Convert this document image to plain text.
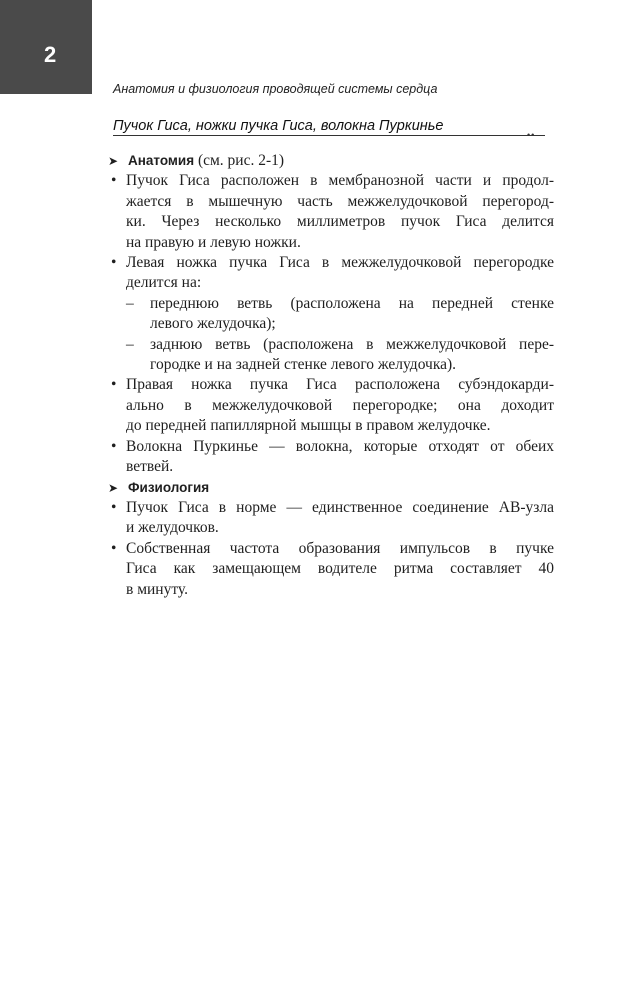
2
Анатомия и физиология проводящей системы сердца
Пучок Гиса, ножки пучка Гиса, волокна Пуркинье
••
➤ Анатомия (см. рис. 2-1)
• Пучок Гиса расположен в мембранозной части и продол-
жается в мышечную часть межжелудочковой перегород-
ки. Через несколько миллиметров пучок Гиса делится
на правую и левую ножки.
• Левая ножка пучка Гиса в межжелудочковой перегородке
делится на:
– переднюю ветвь (расположена на передней стенке
левого желудочка);
– заднюю ветвь (расположена в межжелудочковой пере-
городке и на задней стенке левого желудочка).
• Правая ножка пучка Гиса расположена субэндокарди-
ально в межжелудочковой перегородке; она доходит
до передней папиллярной мышцы в правом желудочке.
• Волокна Пуркинье — волокна, которые отходят от обеих
ветвей.
➤ Физиология
• Пучок Гиса в норме — единственное соединение АВ-узла
и желудочков.
• Собственная частота образования импульсов в пучке
Гиса как замещающем водителе ритма составляет 40
в минуту.
